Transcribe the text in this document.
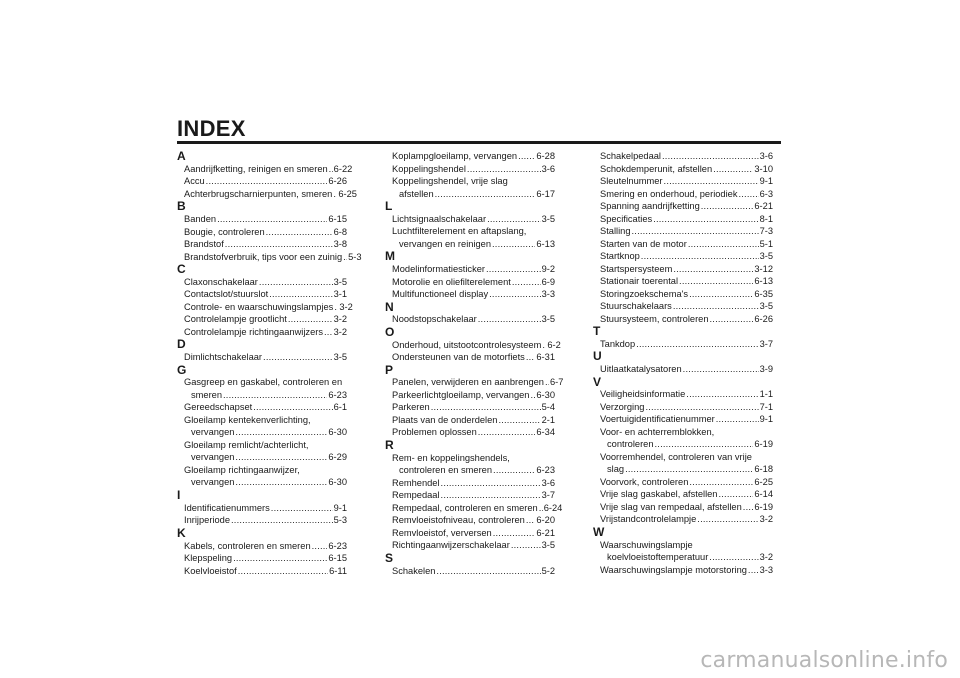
INDEX
A
Aandrijfketting, reinigen en smeren ..... 6-22
Accu .....	6-26
Achterbrugscharnierpunten, smeren ..... 6-25
B
Banden .....	6-15
Bougie, controleren .....	6-8
Brandstof .....	3-8
Brandstofverbruik, tips voor een zuinig ..... 5-3
C
Claxonschakelaar .....	3-5
Contactslot/stuurslot .....	3-1
Controle- en waarschuwingslampjes ..... 3-2
Controlelampje grootlicht .....	3-2
Controlelampje richtingaanwijzers ..... 3-2
D
Dimlichtschakelaar .....	3-5
G
Gasgreep en gaskabel, controleren en
smeren .....	6-23
Gereedschapset .....	6-1
Gloeilamp kentekenverlichting,
vervangen .....	6-30
Gloeilamp remlicht/achterlicht,
vervangen .....	6-29
Gloeilamp richtingaanwijzer,
vervangen .....	6-30
I
Identificatienummers .....	9-1
Inrijperiode .....	5-3
K
Kabels, controleren en smeren ..... 6-23
Klepspeling .....	6-15
Koelvloeistof .....	6-11
Koplampgloeilamp, vervangen ..... 6-28
Koppelingshendel .....	3-6
Koppelingshendel, vrije slag
afstellen .....	6-17
L
Lichtsignaalschakelaar .....	3-5
Luchtfilterelement en aftapslang,
vervangen en reinigen .....	6-13
M
Modelinformatiesticker .....	9-2
Motorolie en oliefilterelement .....	6-9
Multifunctioneel display .....	3-3
N
Noodstopschakelaar .....	3-5
O
Onderhoud, uitstootcontrolesysteem ..... 6-2
Ondersteunen van de motorfiets ..... 6-31
P
Panelen, verwijderen en aanbrengen ..... 6-7
Parkeerlichtgloeilamp, vervangen ..... 6-30
Parkeren .....	5-4
Plaats van de onderdelen .....	2-1
Problemen oplossen .....	6-34
R
Rem- en koppelingshendels,
controleren en smeren .....	6-23
Remhendel .....	3-6
Rempedaal .....	3-7
Rempedaal, controleren en smeren ..... 6-24
Remvloeistofniveau, controleren ..... 6-20
Remvloeistof, verversen .....	6-21
Richtingaanwijzerschakelaar .....	3-5
S
Schakelen .....	5-2
Schakelpedaal .....	3-6
Schokdemperunit, afstellen .....	3-10
Sleutelnummer .....	9-1
Smering en onderhoud, periodiek ..... 6-3
Spanning aandrijfketting .....	6-21
Specificaties .....	8-1
Stalling .....	7-3
Starten van de motor .....	5-1
Startknop .....	3-5
Startspersysteem .....	3-12
Stationair toerental .....	6-13
Storingzoekschema's .....	6-35
Stuurschakelaars .....	3-5
Stuursysteem, controleren .....	6-26
T
Tankdop .....	3-7
U
Uitlaatkatalysatoren .....	3-9
V
Veiligheidsinformatie .....	1-1
Verzorging .....	7-1
Voertuigidentificatienummer .....	9-1
Voor- en achterremblokken,
controleren .....	6-19
Voorremhendel, controleren van vrije
slag .....	6-18
Voorvork, controleren .....	6-25
Vrije slag gaskabel, afstellen .....	6-14
Vrije slag van rempedaal, afstellen ..... 6-19
Vrijstandcontrolelampje .....	3-2
W
Waarschuwingslampje
koelvloeistoftemperatuur .....	3-2
Waarschuwingslampje motorstoring ..... 3-3
carmanualsonline.info
